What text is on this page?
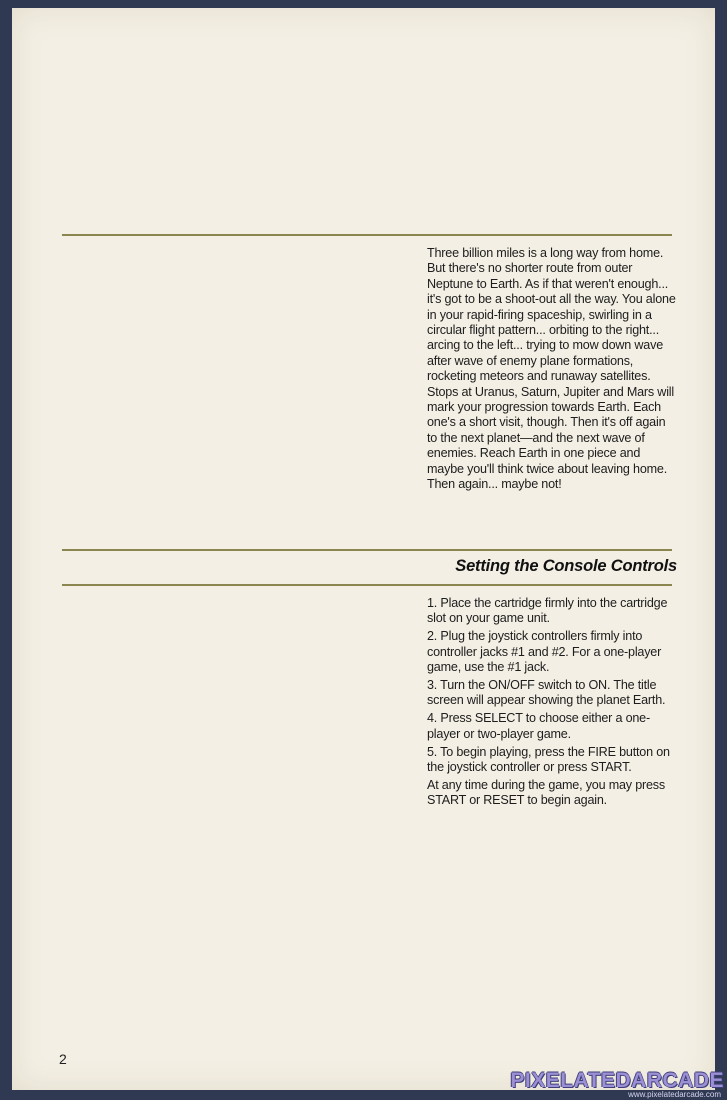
Three billion miles is a long way from home. But there's no shorter route from outer Neptune to Earth. As if that weren't enough... it's got to be a shoot-out all the way. You alone in your rapid-firing spaceship, swirling in a circular flight pattern... orbiting to the right... arcing to the left... trying to mow down wave after wave of enemy plane formations, rocketing meteors and runaway satellites. Stops at Uranus, Saturn, Jupiter and Mars will mark your progression towards Earth. Each one's a short visit, though. Then it's off again to the next planet—and the next wave of enemies. Reach Earth in one piece and maybe you'll think twice about leaving home. Then again... maybe not!

Setting the Console Controls

1. Place the cartridge firmly into the cartridge slot on your game unit.

2. Plug the joystick controllers firmly into controller jacks #1 and #2. For a one-player game, use the #1 jack.

3. Turn the ON/OFF switch to ON. The title screen will appear showing the planet Earth.

4. Press SELECT to choose either a one-player or two-player game.

5. To begin playing, press the FIRE button on the joystick controller or press START.

At any time during the game, you may press START or RESET to begin again.

2
PIXELATEDARCADE
www.pixelatedarcade.com
